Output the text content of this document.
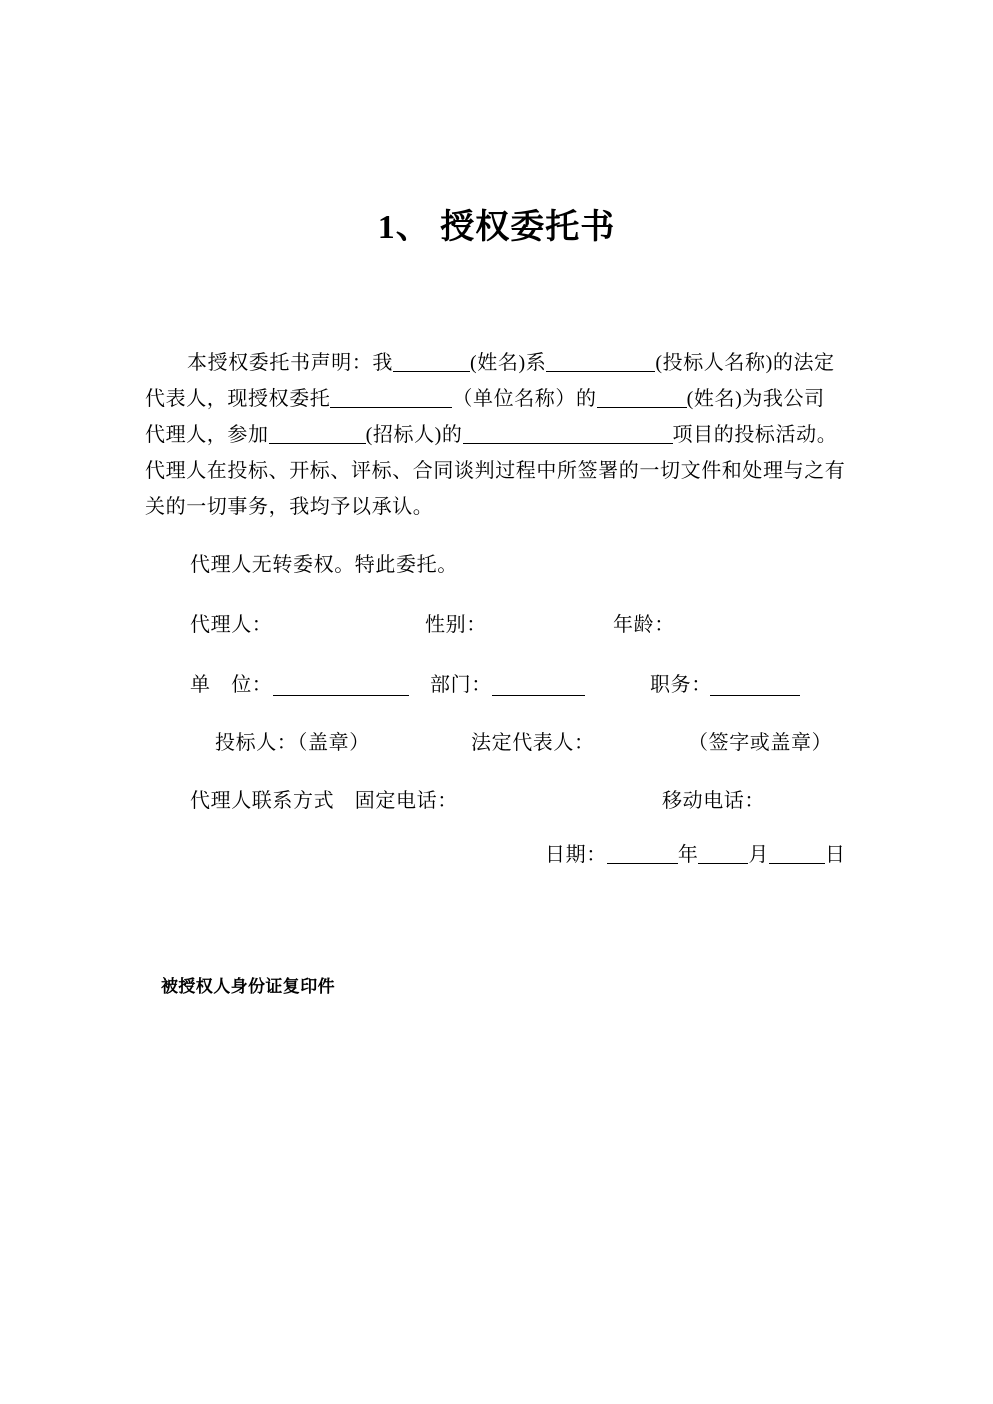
1、 授权委托书
本授权委托书声明：我	(姓名)系	(投标人名称)的法定
代表人，现授权委托	（单位名称）的	(姓名)为我公司
代理人，参加	(招标人)的	项目的投标活动。
代理人在投标、开标、评标、合同谈判过程中所签署的一切文件和处理与之有
关的一切事务，我均予以承认。
代理人无转委权。特此委托。
代理人：	性别：	年龄：
单　位：	部门：	职务：
投标人：（盖章）	法定代表人：	（签字或盖章）
代理人联系方式　固定电话：	移动电话：
日期：	年	月	日
被授权人身份证复印件
